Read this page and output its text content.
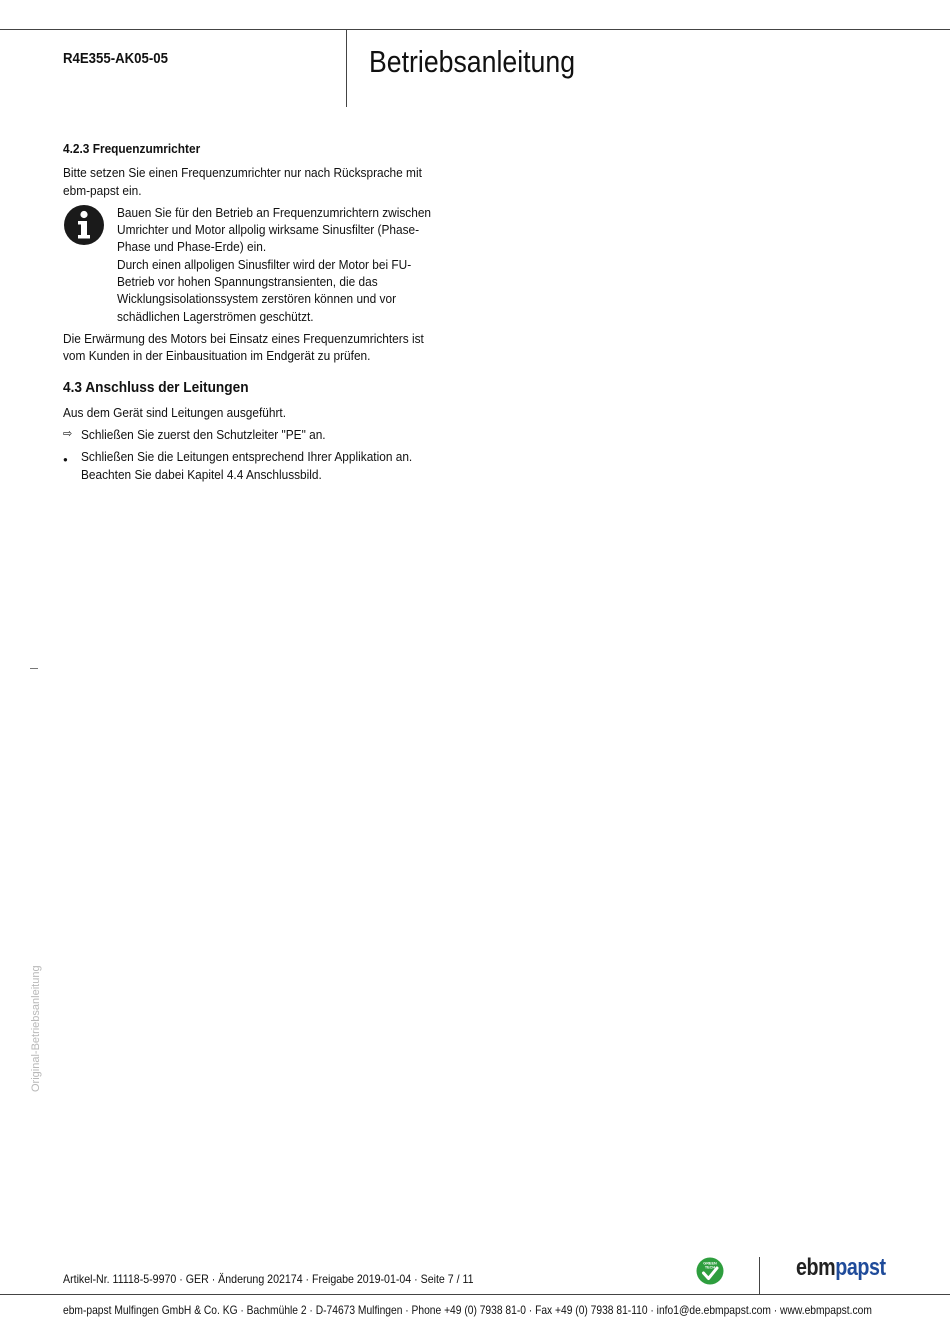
R4E355-AK05-05	Betriebsanleitung
4.2.3 Frequenzumrichter
Bitte setzen Sie einen Frequenzumrichter nur nach Rücksprache mit
ebm-papst ein.
Bauen Sie für den Betrieb an Frequenzumrichtern zwischen
Umrichter und Motor allpolig wirksame Sinusfilter (Phase-
Phase und Phase-Erde) ein.
Durch einen allpoligen Sinusfilter wird der Motor bei FU-
Betrieb vor hohen Spannungstransienten, die das
Wicklungsisolationssystem zerstören können und vor
schädlichen Lagerströmen geschützt.
Die Erwärmung des Motors bei Einsatz eines Frequenzumrichters ist
vom Kunden in der Einbausituation im Endgerät zu prüfen.
4.3 Anschluss der Leitungen
Aus dem Gerät sind Leitungen ausgeführt.
⇨ Schließen Sie zuerst den Schutzleiter "PE" an.
● Schließen Sie die Leitungen entsprechend Ihrer Applikation an.
Beachten Sie dabei Kapitel 4.4 Anschlussbild.
Original-Betriebsanleitung
Artikel-Nr. 11118-5-9970 · GER · Änderung 202174 · Freigabe 2019-01-04 · Seite 7 / 11
GREEN
TECH	ebmpapst
ebm-papst Mulfingen GmbH & Co. KG · Bachmühle 2 · D-74673 Mulfingen · Phone +49 (0) 7938 81-0 · Fax +49 (0) 7938 81-110 · info1@de.ebmpapst.com · www.ebmpapst.com
